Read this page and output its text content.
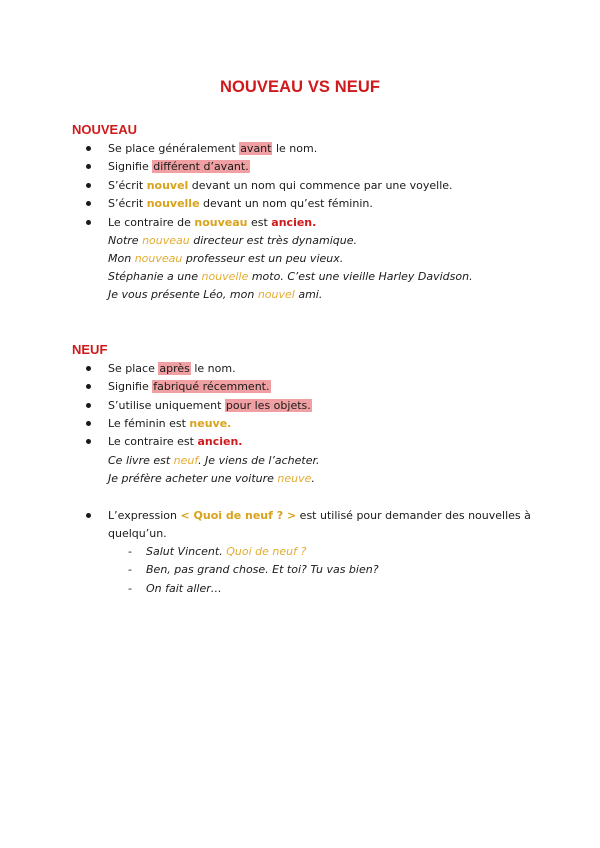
NOUVEAU VS NEUF
NOUVEAU
Se place généralement avant le nom.
Signifie différent d’avant.
S’écrit nouvel devant un nom qui commence par une voyelle.
S’écrit nouvelle devant un nom qu’est féminin.
Le contraire de nouveau est ancien.
Notre nouveau directeur est très dynamique.
Mon nouveau professeur est un peu vieux.
Stéphanie a une nouvelle moto. C’est une vieille Harley Davidson.
Je vous présente Léo, mon nouvel ami.
NEUF
Se place après le nom.
Signifie fabriqué récemment.
S’utilise uniquement pour les objets.
Le féminin est neuve.
Le contraire est ancien.
Ce livre est neuf. Je viens de l’acheter.
Je préfère acheter une voiture neuve.
L’expression < Quoi de neuf ? > est utilisé pour demander des nouvelles à
quelqu’un.
- Salut Vincent. Quoi de neuf ?
- Ben, pas grand chose. Et toi? Tu vas bien?
- On fait aller…
